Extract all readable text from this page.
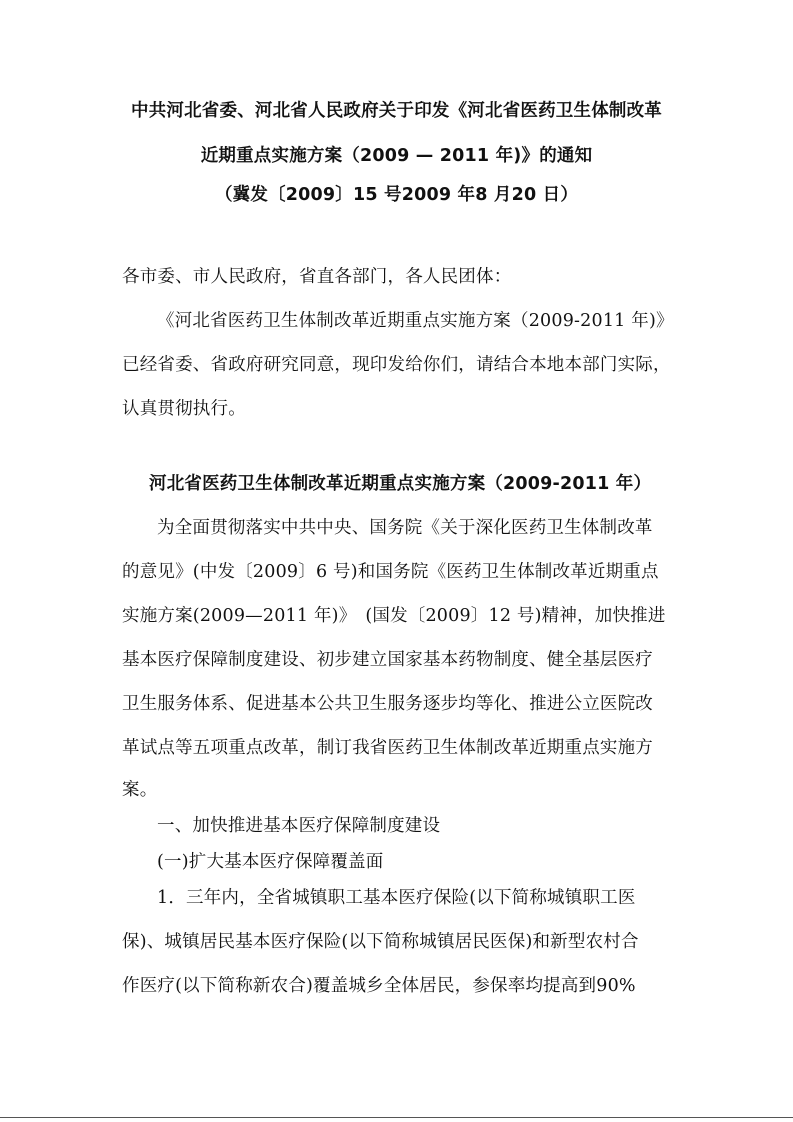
中共河北省委、河北省人民政府关于印发《河北省医药卫生体制改革
近期重点实施方案（2009 — 2011 年)》的通知
（冀发〔2009〕15 号2009 年8 月20 日）
各市委、市人民政府，省直各部门，各人民团体：
《河北省医药卫生体制改革近期重点实施方案（2009-2011 年)》
已经省委、省政府研究同意，现印发给你们，请结合本地本部门实际，
认真贯彻执行。
河北省医药卫生体制改革近期重点实施方案（2009-2011 年）
为全面贯彻落实中共中央、国务院《关于深化医药卫生体制改革
的意见》(中发〔2009〕6 号)和国务院《医药卫生体制改革近期重点
实施方案(2009—2011 年)》　(国发〔2009〕12 号)精神，加快推进
基本医疗保障制度建设、初步建立国家基本药物制度、健全基层医疗
卫生服务体系、促进基本公共卫生服务逐步均等化、推进公立医院改
革试点等五项重点改革，制订我省医药卫生体制改革近期重点实施方
案。
一、加快推进基本医疗保障制度建设
(一)扩大基本医疗保障覆盖面
1．三年内，全省城镇职工基本医疗保险(以下简称城镇职工医
保)、城镇居民基本医疗保险(以下简称城镇居民医保)和新型农村合
作医疗(以下简称新农合)覆盖城乡全体居民，参保率均提高到90%
